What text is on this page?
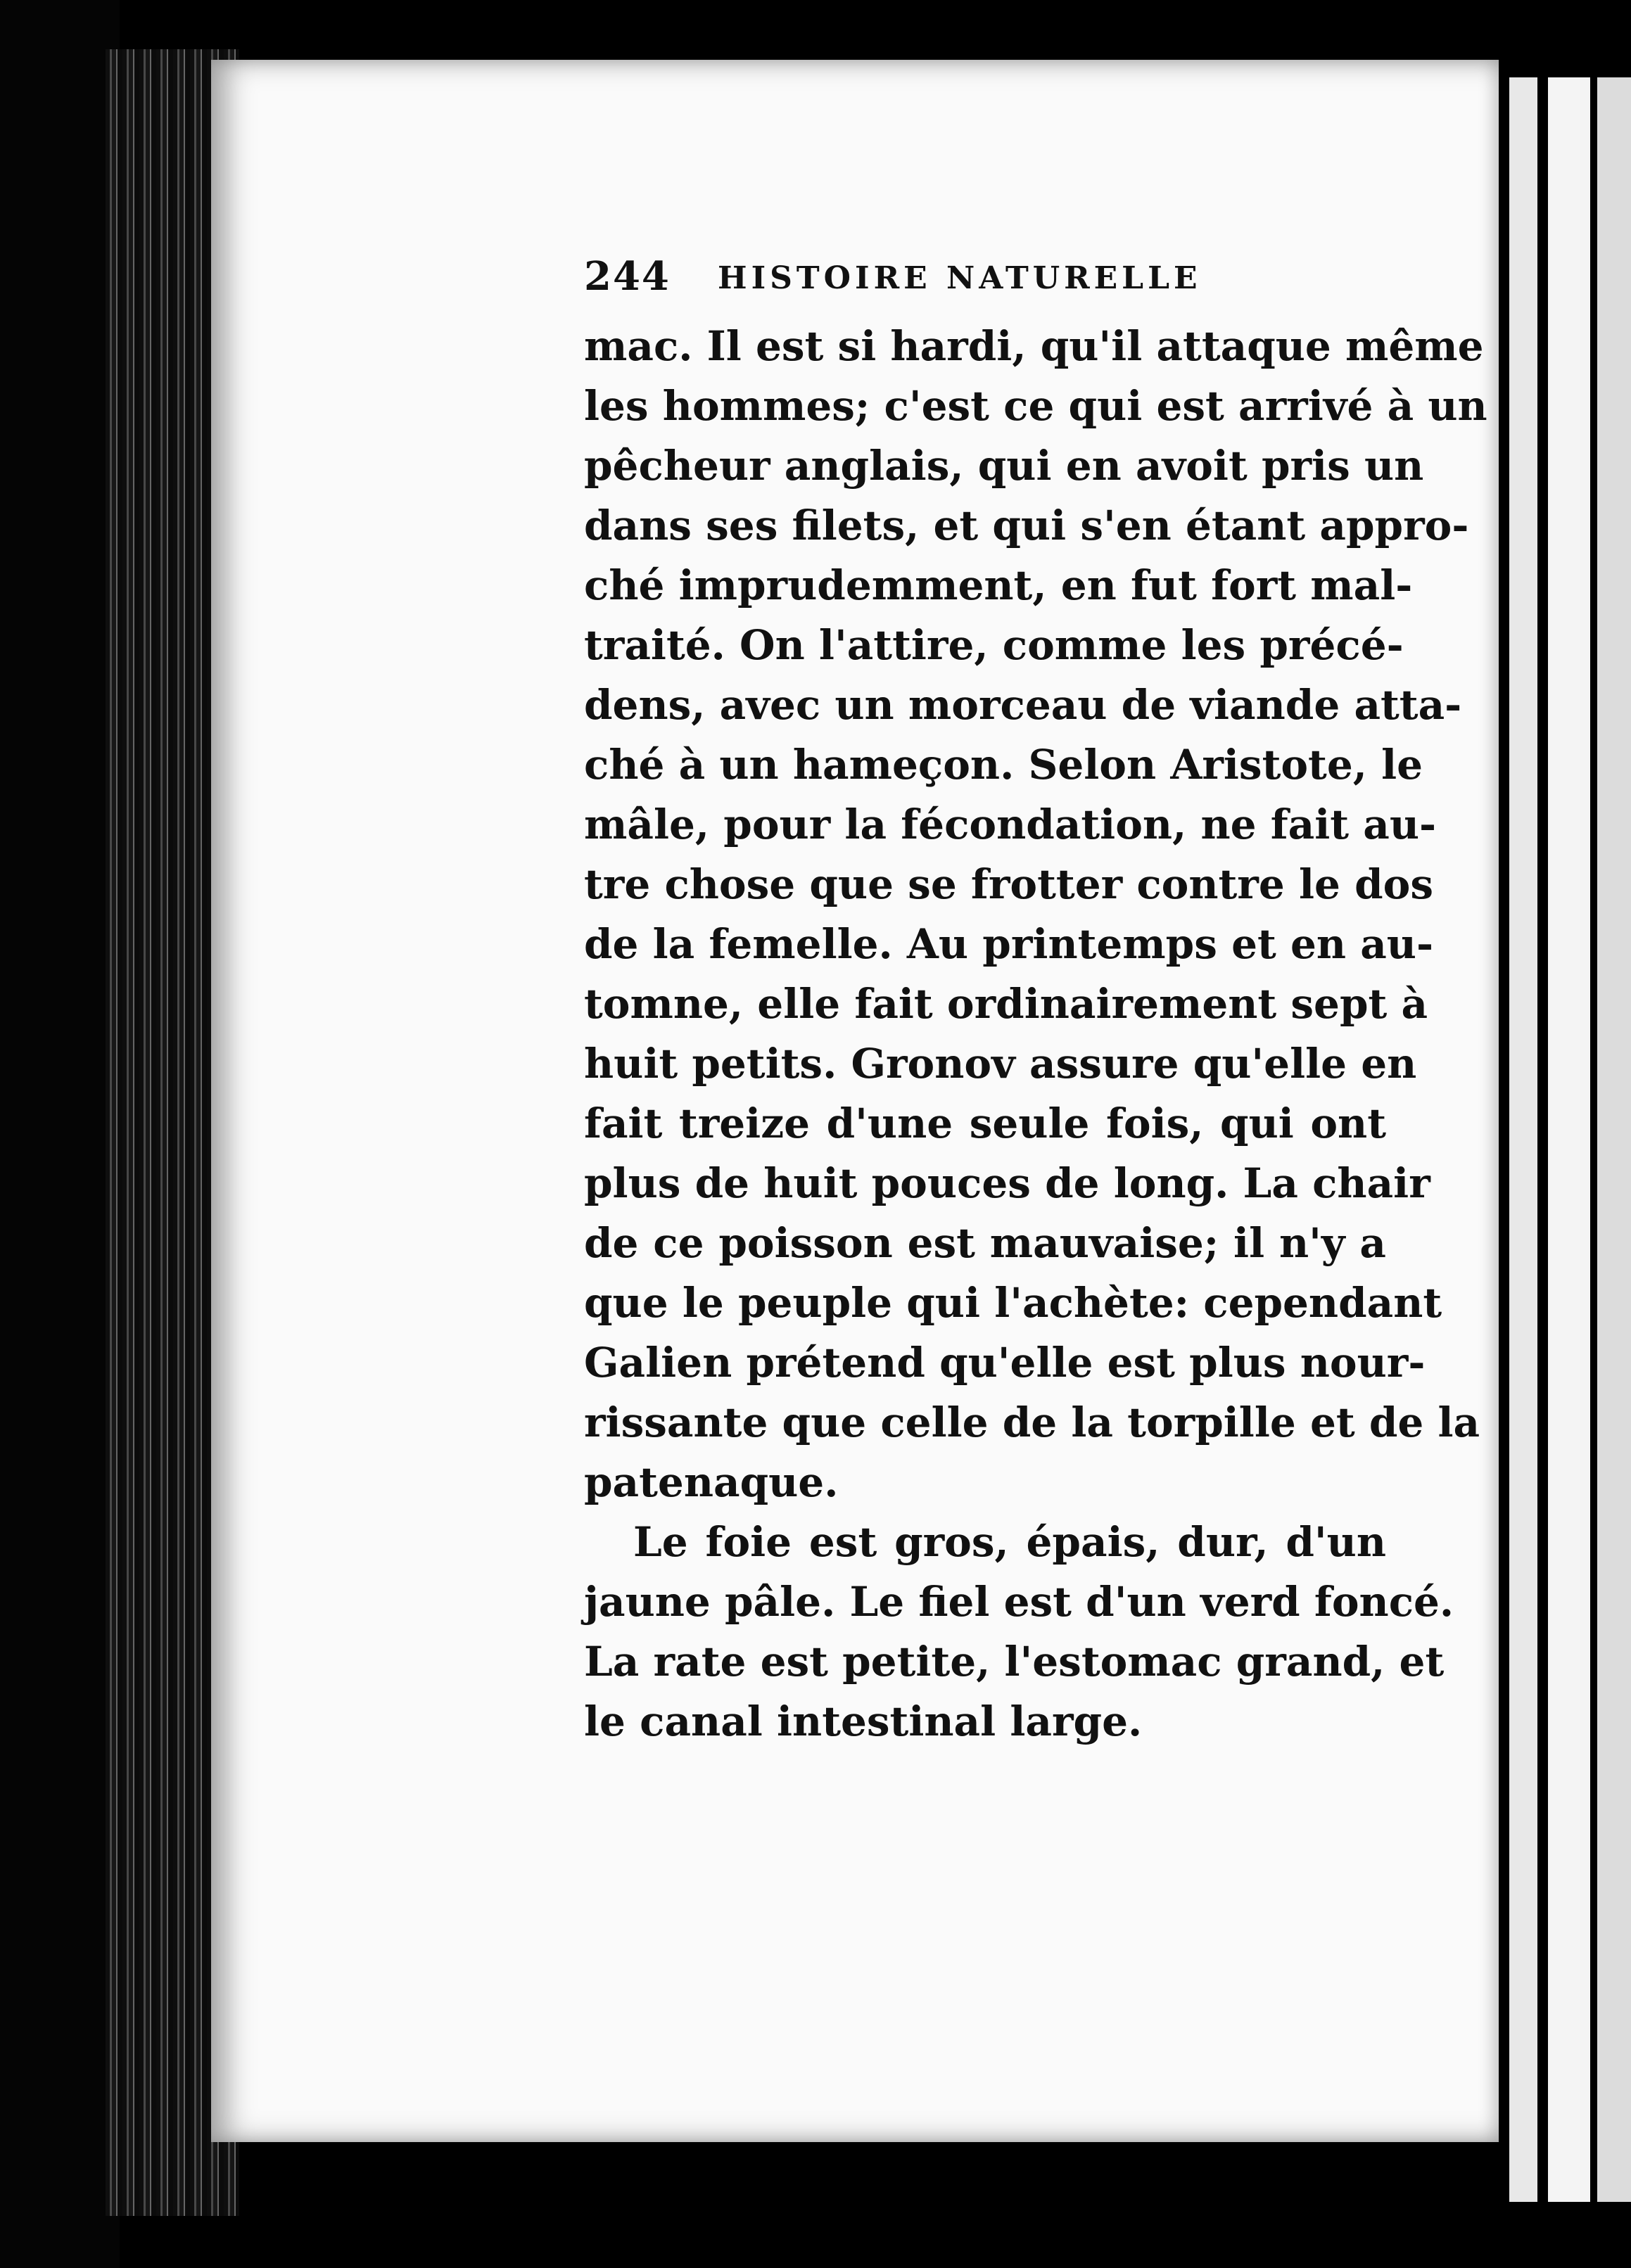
244 HISTOIRE NATURELLE
mac. Il est si hardi, qu'il attaque même
les hommes; c'est ce qui est arrivé à un
pêcheur anglais, qui en avoit pris un
dans ses filets, et qui s'en étant appro-
ché imprudemment, en fut fort mal-
traité. On l'attire, comme les précé-
dens, avec un morceau de viande atta-
ché à un hameçon. Selon Aristote, le
mâle, pour la fécondation, ne fait au-
tre chose que se frotter contre le dos
de la femelle. Au printemps et en au-
tomne, elle fait ordinairement sept à
huit petits. Gronov assure qu'elle en
fait treize d'une seule fois, qui ont
plus de huit pouces de long. La chair
de ce poisson est mauvaise; il n'y a
que le peuple qui l'achète: cependant
Galien prétend qu'elle est plus nour-
rissante que celle de la torpille et de la
patenaque.
Le foie est gros, épais, dur, d'un
jaune pâle. Le fiel est d'un verd foncé.
La rate est petite, l'estomac grand, et
le canal intestinal large.
